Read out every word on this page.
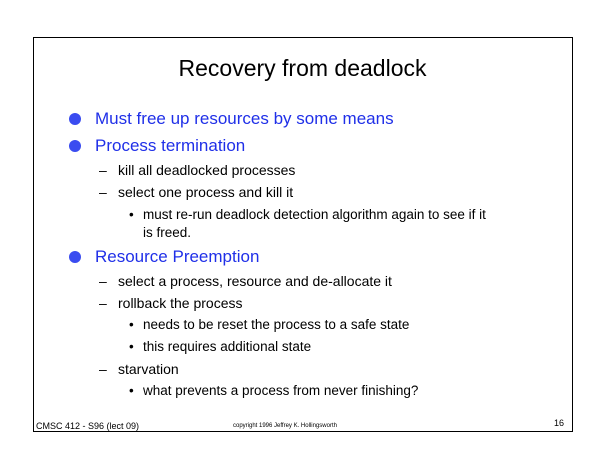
Recovery from deadlock
Must free up resources by some means
Process termination
– kill all deadlocked processes
– select one process and kill it
• must re-run deadlock detection algorithm again to see if it
is freed.
Resource Preemption
– select a process, resource and de-allocate it
– rollback the process
• needs to be reset the process to a safe state
• this requires additional state
– starvation
• what prevents a process from never finishing?
CMSC 412 - S96 (lect 09)	copyright 1996 Jeffrey K. Hollingsworth	16
